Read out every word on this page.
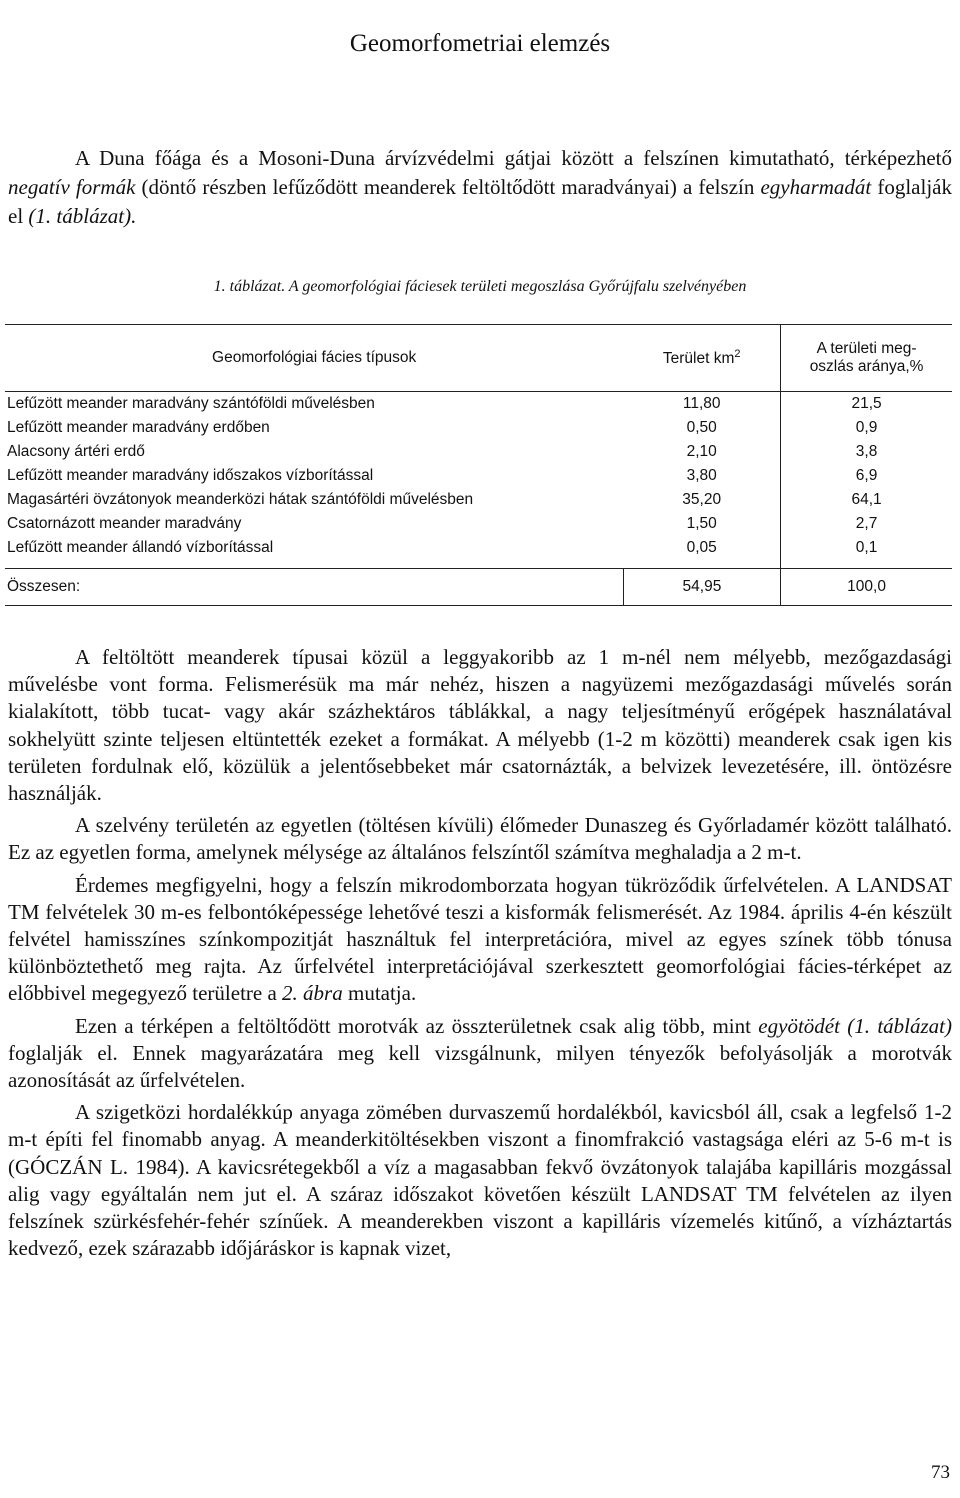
Geomorfometriai elemzés

A Duna főága és a Mosoni-Duna árvízvédelmi gátjai között a felszínen kimutatható, térképezhető negatív formák (döntő részben lefűződött meanderek feltöltődött maradványai) a felszín egyharmadát foglalják el (1. táblázat).

1. táblázat. A geomorfológiai fáciesek területi megoszlása Győrújfalu szelvényében

Geomorfológiai fácies típusok	Terület $km^2$	A területi meg-
oszlás aránya,%
Lefűzött meander maradvány szántóföldi művelésben	11,80	21,5
Lefűzött meander maradvány erdőben	0,50	0,9
Alacsony ártéri erdő	2,10	3,8
Lefűzött meander maradvány időszakos vízborítással	3,80	6,9
Magasártéri övzátonyok meanderközi hátak szántóföldi művelésben	35,20	64,1
Csatornázott meander maradvány	1,50	2,7
Lefűzött meander állandó vízborítással	0,05	0,1
Összesen:	54,95	100,0

A feltöltött meanderek típusai közül a leggyakoribb az 1 m-nél nem mélyebb, mezőgazdasági művelésbe vont forma. Felismerésük ma már nehéz, hiszen a nagyüzemi mezőgazdasági művelés során kialakított, több tucat- vagy akár százhektáros táblákkal, a nagy teljesítményű erőgépek használatával sokhelyütt szinte teljesen eltüntették ezeket a formákat. A mélyebb (1-2 m közötti) meanderek csak igen kis területen fordulnak elő, közülük a jelentősebbeket már csatornázták, a belvizek levezetésére, ill. öntözésre használják.

A szelvény területén az egyetlen (töltésen kívüli) élőmeder Dunaszeg és Győrladamér között található. Ez az egyetlen forma, amelynek mélysége az általános felszíntől számítva meghaladja a 2 m-t.

Érdemes megfigyelni, hogy a felszín mikrodomborzata hogyan tükröződik űrfelvételen. A LANDSAT TM felvételek 30 m-es felbontóképessége lehetővé teszi a kisformák felismerését. Az 1984. április 4-én készült felvétel hamisszínes színkompozitját használtuk fel interpretációra, mivel az egyes színek több tónusa különböztethető meg rajta. Az űrfelvétel interpretációjával szerkesztett geomorfológiai fácies-térképet az előbbivel megegyező területre a 2. ábra mutatja.

Ezen a térképen a feltöltődött morotvák az összterületnek csak alig több, mint egyötödét (1. táblázat) foglalják el. Ennek magyarázatára meg kell vizsgálnunk, milyen tényezők befolyásolják a morotvák azonosítását az űrfelvételen.

A szigetközi hordalékkúp anyaga zömében durvaszemű hordalékból, kavicsból áll, csak a legfelső 1-2 m-t építi fel finomabb anyag. A meanderkitöltésekben viszont a finomfrakció vastagsága eléri az 5-6 m-t is (GÓCZÁN L. 1984). A kavicsrétegekből a víz a magasabban fekvő övzátonyok talajába kapilláris mozgással alig vagy egyáltalán nem jut el. A száraz időszakot követően készült LANDSAT TM felvételen az ilyen felszínek szürkésfehér-fehér színűek. A meanderekben viszont a kapilláris vízemelés kitűnő, a vízháztartás kedvező, ezek szárazabb időjáráskor is kapnak vizet,

73
